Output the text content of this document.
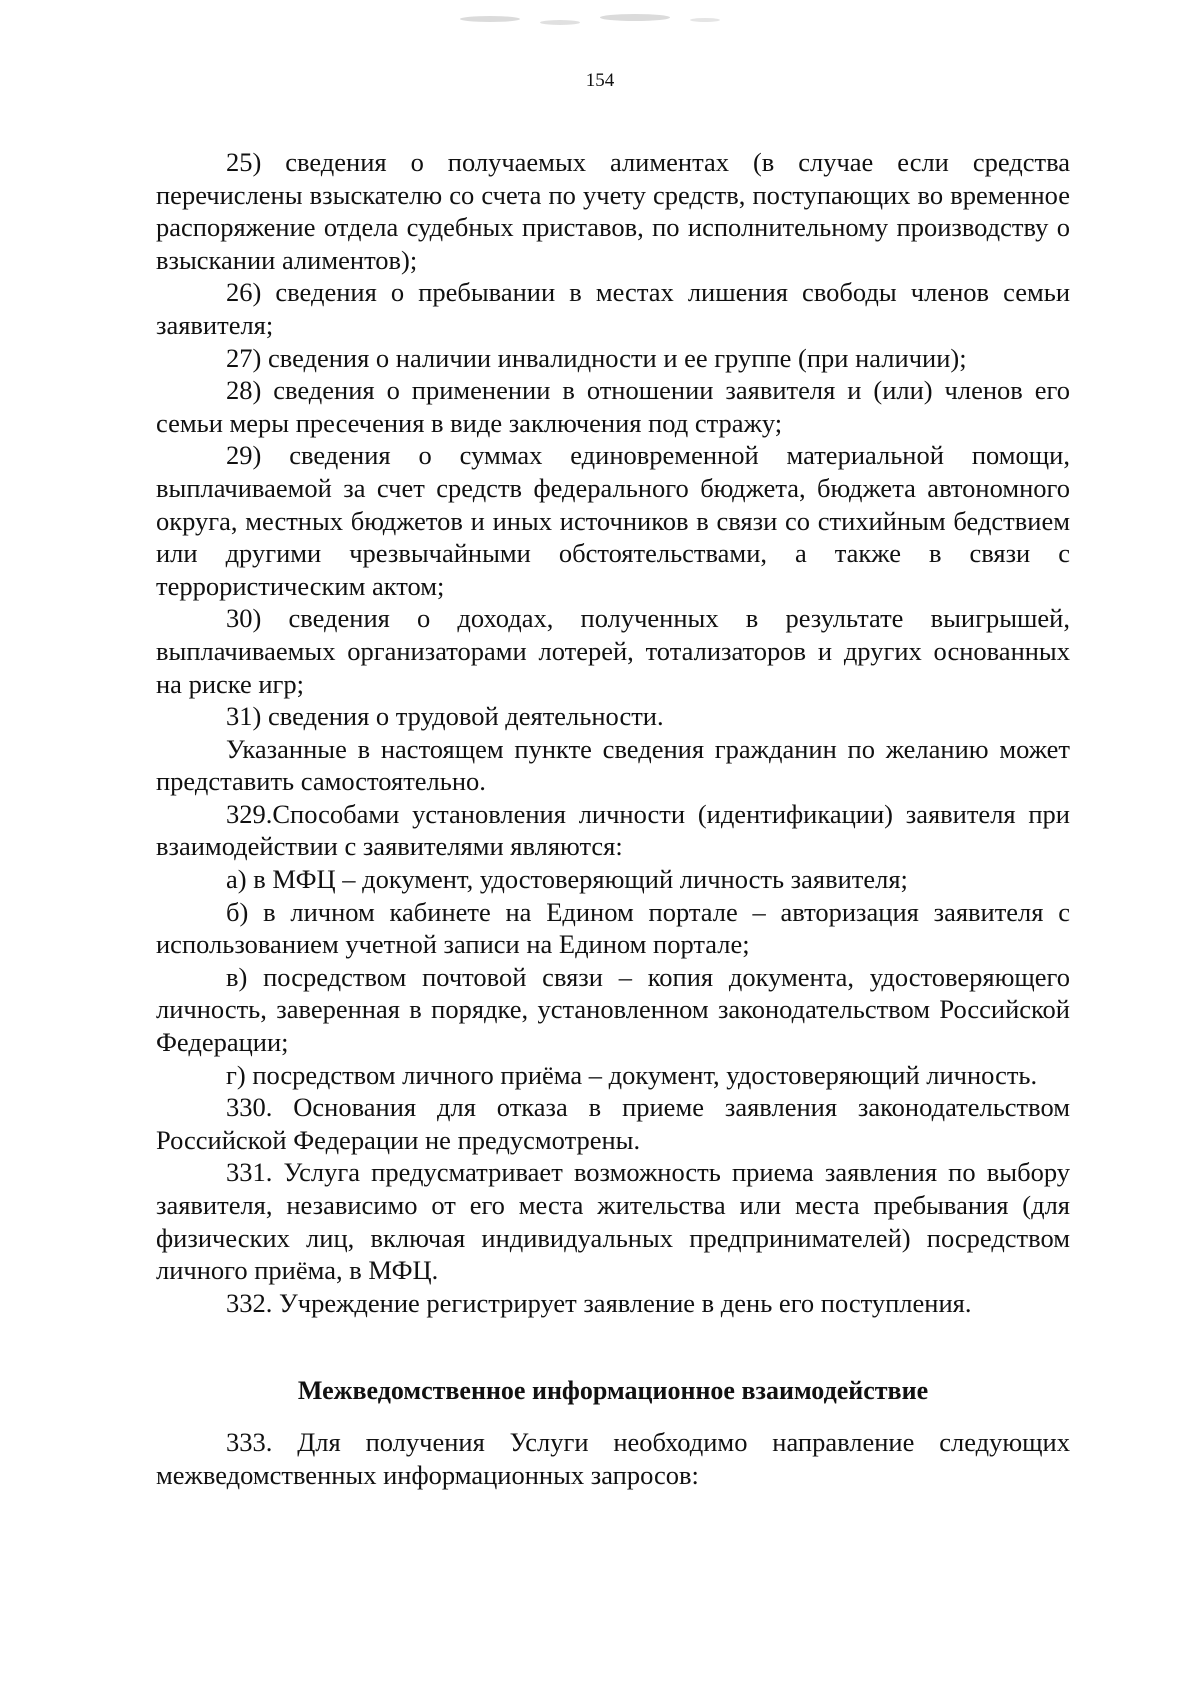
154

25) сведения о получаемых алиментах (в случае если средства перечислены взыскателю со счета по учету средств, поступающих во временное распоряжение отдела судебных приставов, по исполнительному производству о взыскании алиментов);

26) сведения о пребывании в местах лишения свободы членов семьи заявителя;

27) сведения о наличии инвалидности и ее группе (при наличии);

28) сведения о применении в отношении заявителя и (или) членов его семьи меры пресечения в виде заключения под стражу;

29) сведения о суммах единовременной материальной помощи, выплачиваемой за счет средств федерального бюджета, бюджета автономного округа, местных бюджетов и иных источников в связи со стихийным бедствием или другими чрезвычайными обстоятельствами, а также в связи с террористическим актом;

30) сведения о доходах, полученных в результате выигрышей, выплачиваемых организаторами лотерей, тотализаторов и других основанных на риске игр;

31) сведения о трудовой деятельности.

Указанные в настоящем пункте сведения гражданин по желанию может представить самостоятельно.

329.Способами установления личности (идентификации) заявителя при взаимодействии с заявителями являются:

а) в МФЦ – документ, удостоверяющий личность заявителя;

б) в личном кабинете на Едином портале – авторизация заявителя с использованием учетной записи на Едином портале;

в) посредством почтовой связи – копия документа, удостоверяющего личность, заверенная в порядке, установленном законодательством Российской Федерации;

г) посредством личного приёма – документ, удостоверяющий личность.

330. Основания для отказа в приеме заявления законодательством Российской Федерации не предусмотрены.

331. Услуга предусматривает возможность приема заявления по выбору заявителя, независимо от его места жительства или места пребывания (для физических лиц, включая индивидуальных предпринимателей) посредством личного приёма, в МФЦ.

332. Учреждение регистрирует заявление в день его поступления.

Межведомственное информационное взаимодействие

333. Для получения Услуги необходимо направление следующих межведомственных информационных запросов:
